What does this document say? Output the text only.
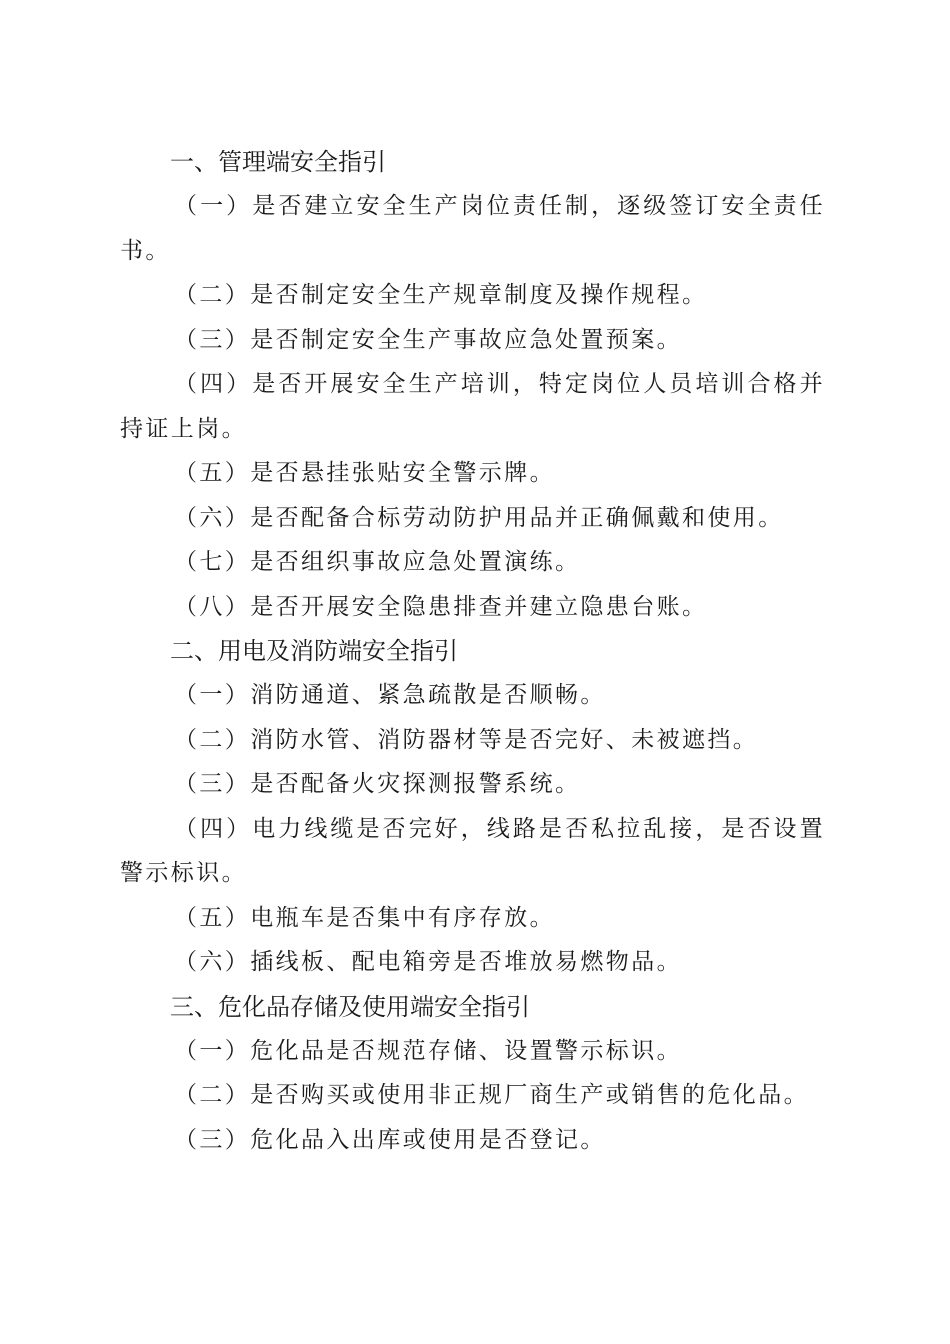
一、管理端安全指引
（一）是否建立安全生产岗位责任制，逐级签订安全责任书。
（二）是否制定安全生产规章制度及操作规程。
（三）是否制定安全生产事故应急处置预案。
（四）是否开展安全生产培训，特定岗位人员培训合格并持证上岗。
（五）是否悬挂张贴安全警示牌。
（六）是否配备合标劳动防护用品并正确佩戴和使用。
（七）是否组织事故应急处置演练。
（八）是否开展安全隐患排查并建立隐患台账。
二、用电及消防端安全指引
（一）消防通道、紧急疏散是否顺畅。
（二）消防水管、消防器材等是否完好、未被遮挡。
（三）是否配备火灾探测报警系统。
（四）电力线缆是否完好，线路是否私拉乱接，是否设置警示标识。
（五）电瓶车是否集中有序存放。
（六）插线板、配电箱旁是否堆放易燃物品。
三、危化品存储及使用端安全指引
（一）危化品是否规范存储、设置警示标识。
（二）是否购买或使用非正规厂商生产或销售的危化品。
（三）危化品入出库或使用是否登记。
